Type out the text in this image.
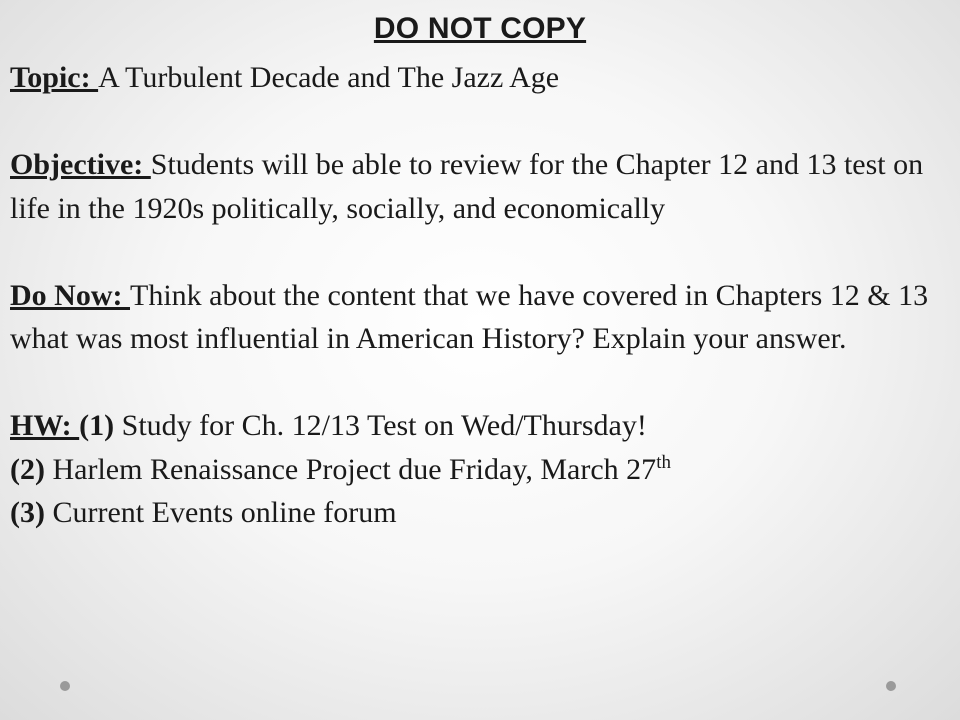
DO NOT COPY
Topic: A Turbulent Decade and The Jazz Age
Objective: Students will be able to review for the Chapter 12 and 13 test on life in the 1920s politically, socially, and economically
Do Now: Think about the content that we have covered in Chapters 12 & 13 what was most influential in American History? Explain your answer.
HW: (1) Study for Ch. 12/13 Test on Wed/Thursday!
(2) Harlem Renaissance Project due Friday, March 27th
(3) Current Events online forum
